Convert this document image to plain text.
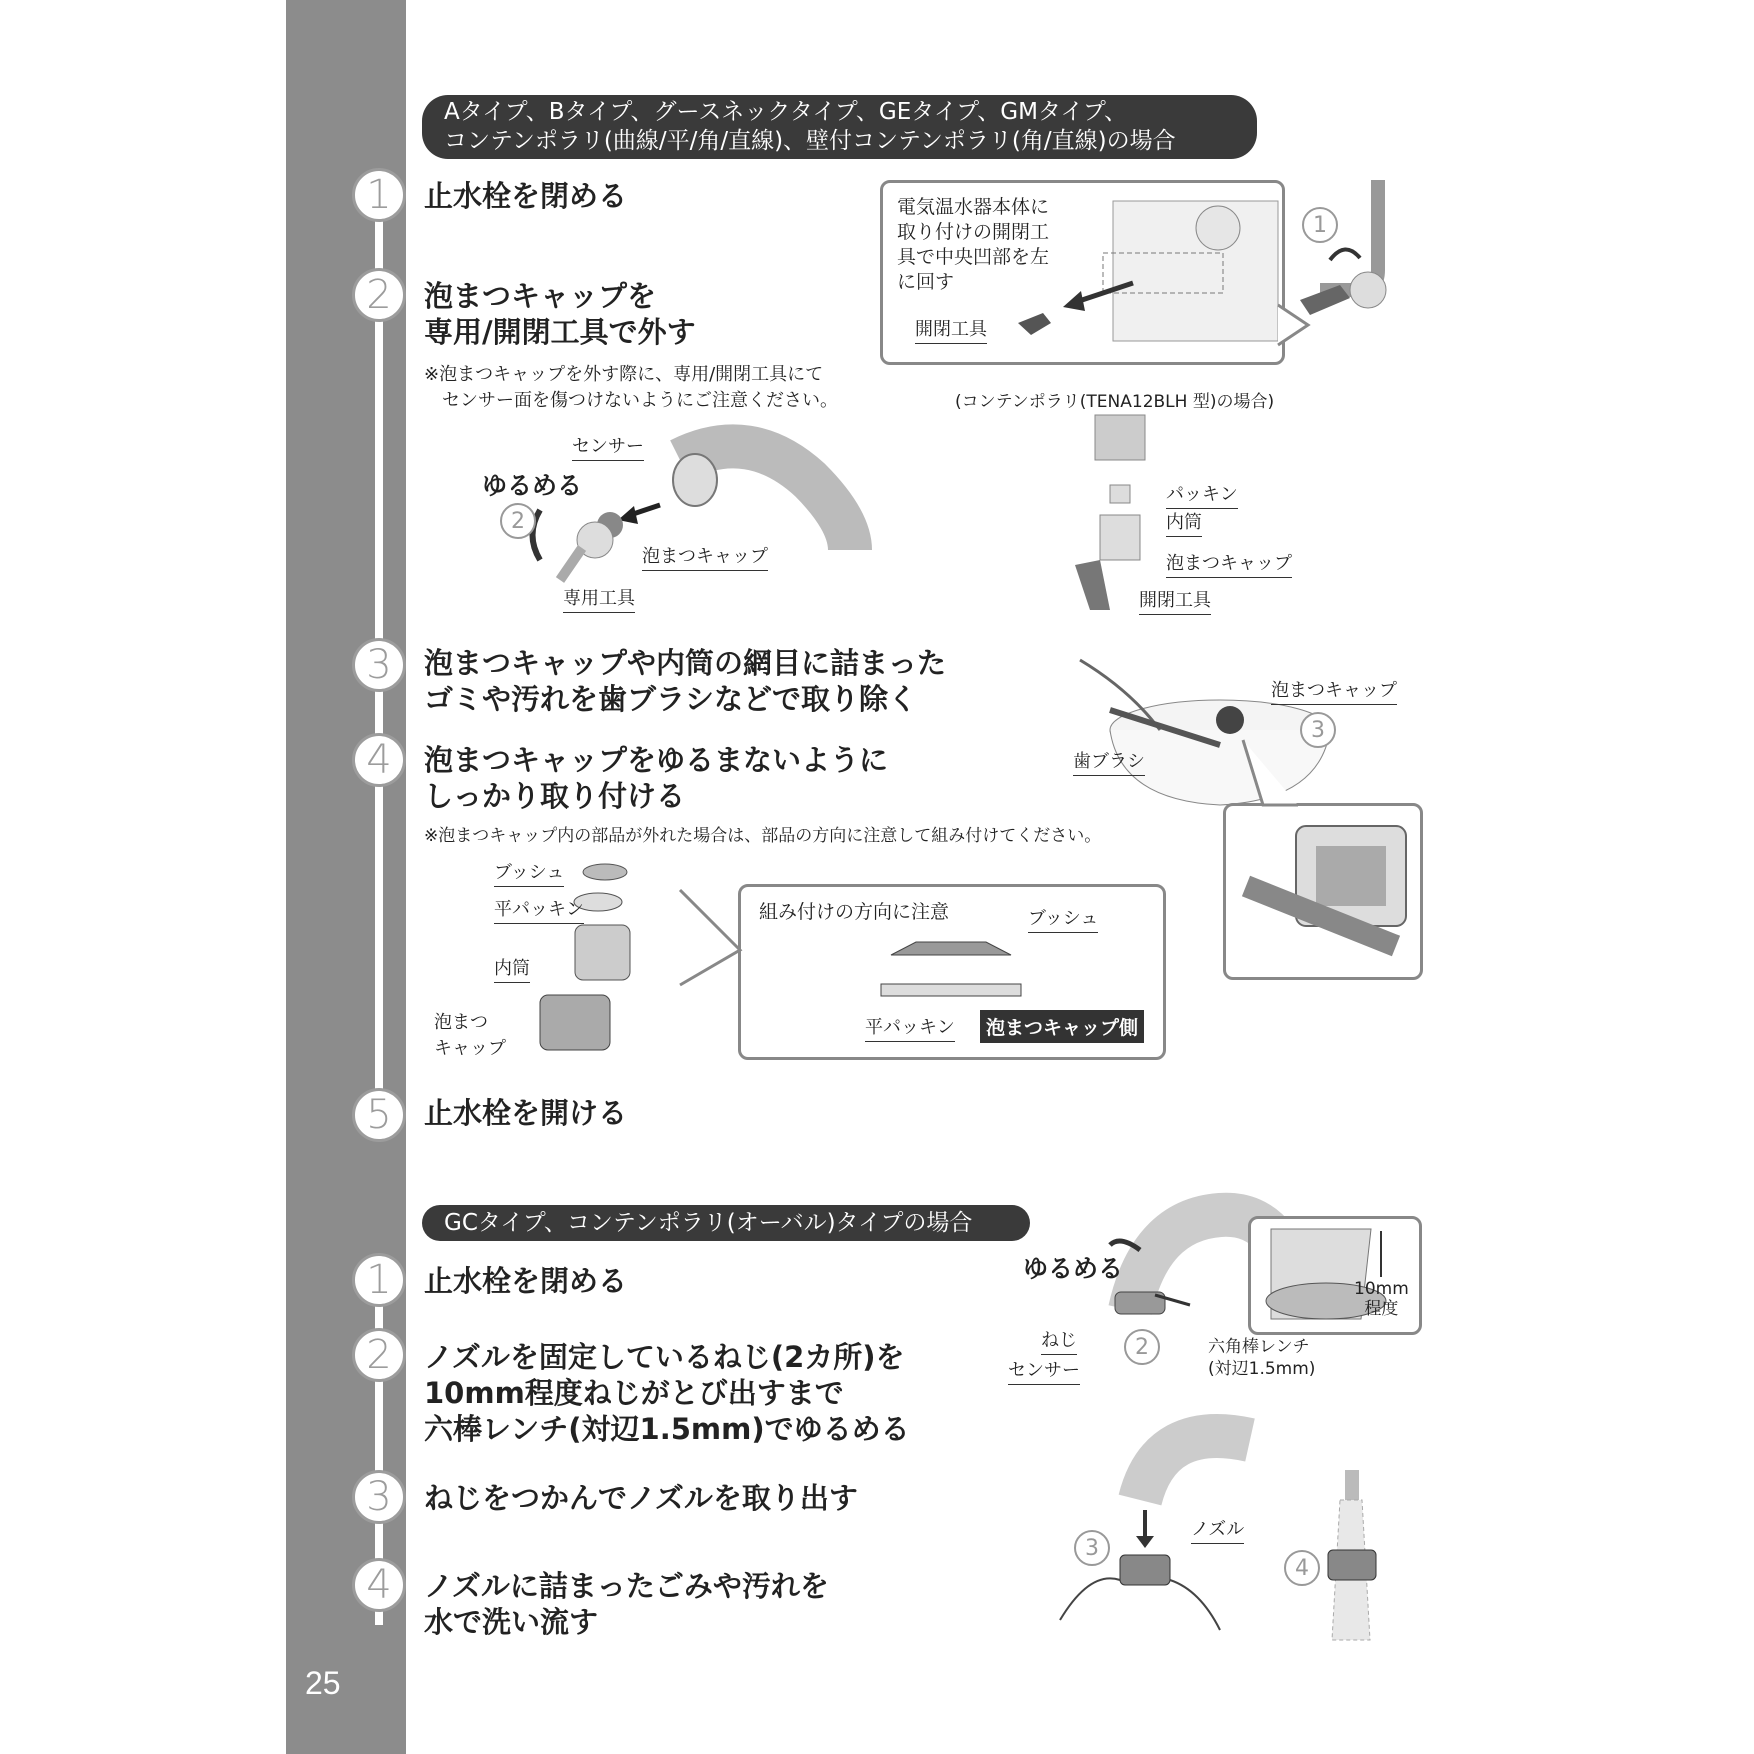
25
Aタイプ、Bタイプ、グースネックタイプ、GEタイプ、GMタイプ、
コンテンポラリ(曲線/平/角/直線)、壁付コンテンポラリ(角/直線)の場合
1	止水栓を閉める
2	泡まつキャップを
専用/開閉工具で外す
※泡まつキャップを外す際に、専用/開閉工具にて
　センサー面を傷つけないようにご注意ください。
3	泡まつキャップや内筒の網目に詰まった
ゴミや汚れを歯ブラシなどで取り除く
4	泡まつキャップをゆるまないように
しっかり取り付ける
※泡まつキャップ内の部品が外れた場合は、部品の方向に注意して組み付けてください。
5	止水栓を開ける
電気温水器本体に
取り付けの開閉工
具で中央凹部を左
に回す
開閉工具
1
(コンテンポラリ(TENA12BLH 型)の場合)
ゆるめる
センサー
泡まつキャップ
専用工具
2
パッキン
内筒
泡まつキャップ
開閉工具
泡まつキャップ
歯ブラシ
3
ブッシュ
平パッキン
内筒
泡まつ
キャップ
組み付けの方向に注意	ブッシュ
平パッキン	泡まつキャップ側
GCタイプ、コンテンポラリ(オーバル)タイプの場合
1	止水栓を閉める
2	ノズルを固定しているねじ(2カ所)を
10mm程度ねじがとび出すまで
六棒レンチ(対辺1.5mm)でゆるめる
3	ねじをつかんでノズルを取り出す
4	ノズルに詰まったごみや汚れを
水で洗い流す
ゆるめる
ねじ
センサー
六角棒レンチ
(対辺1.5mm)
2
10mm
程度
ノズル
3
4
